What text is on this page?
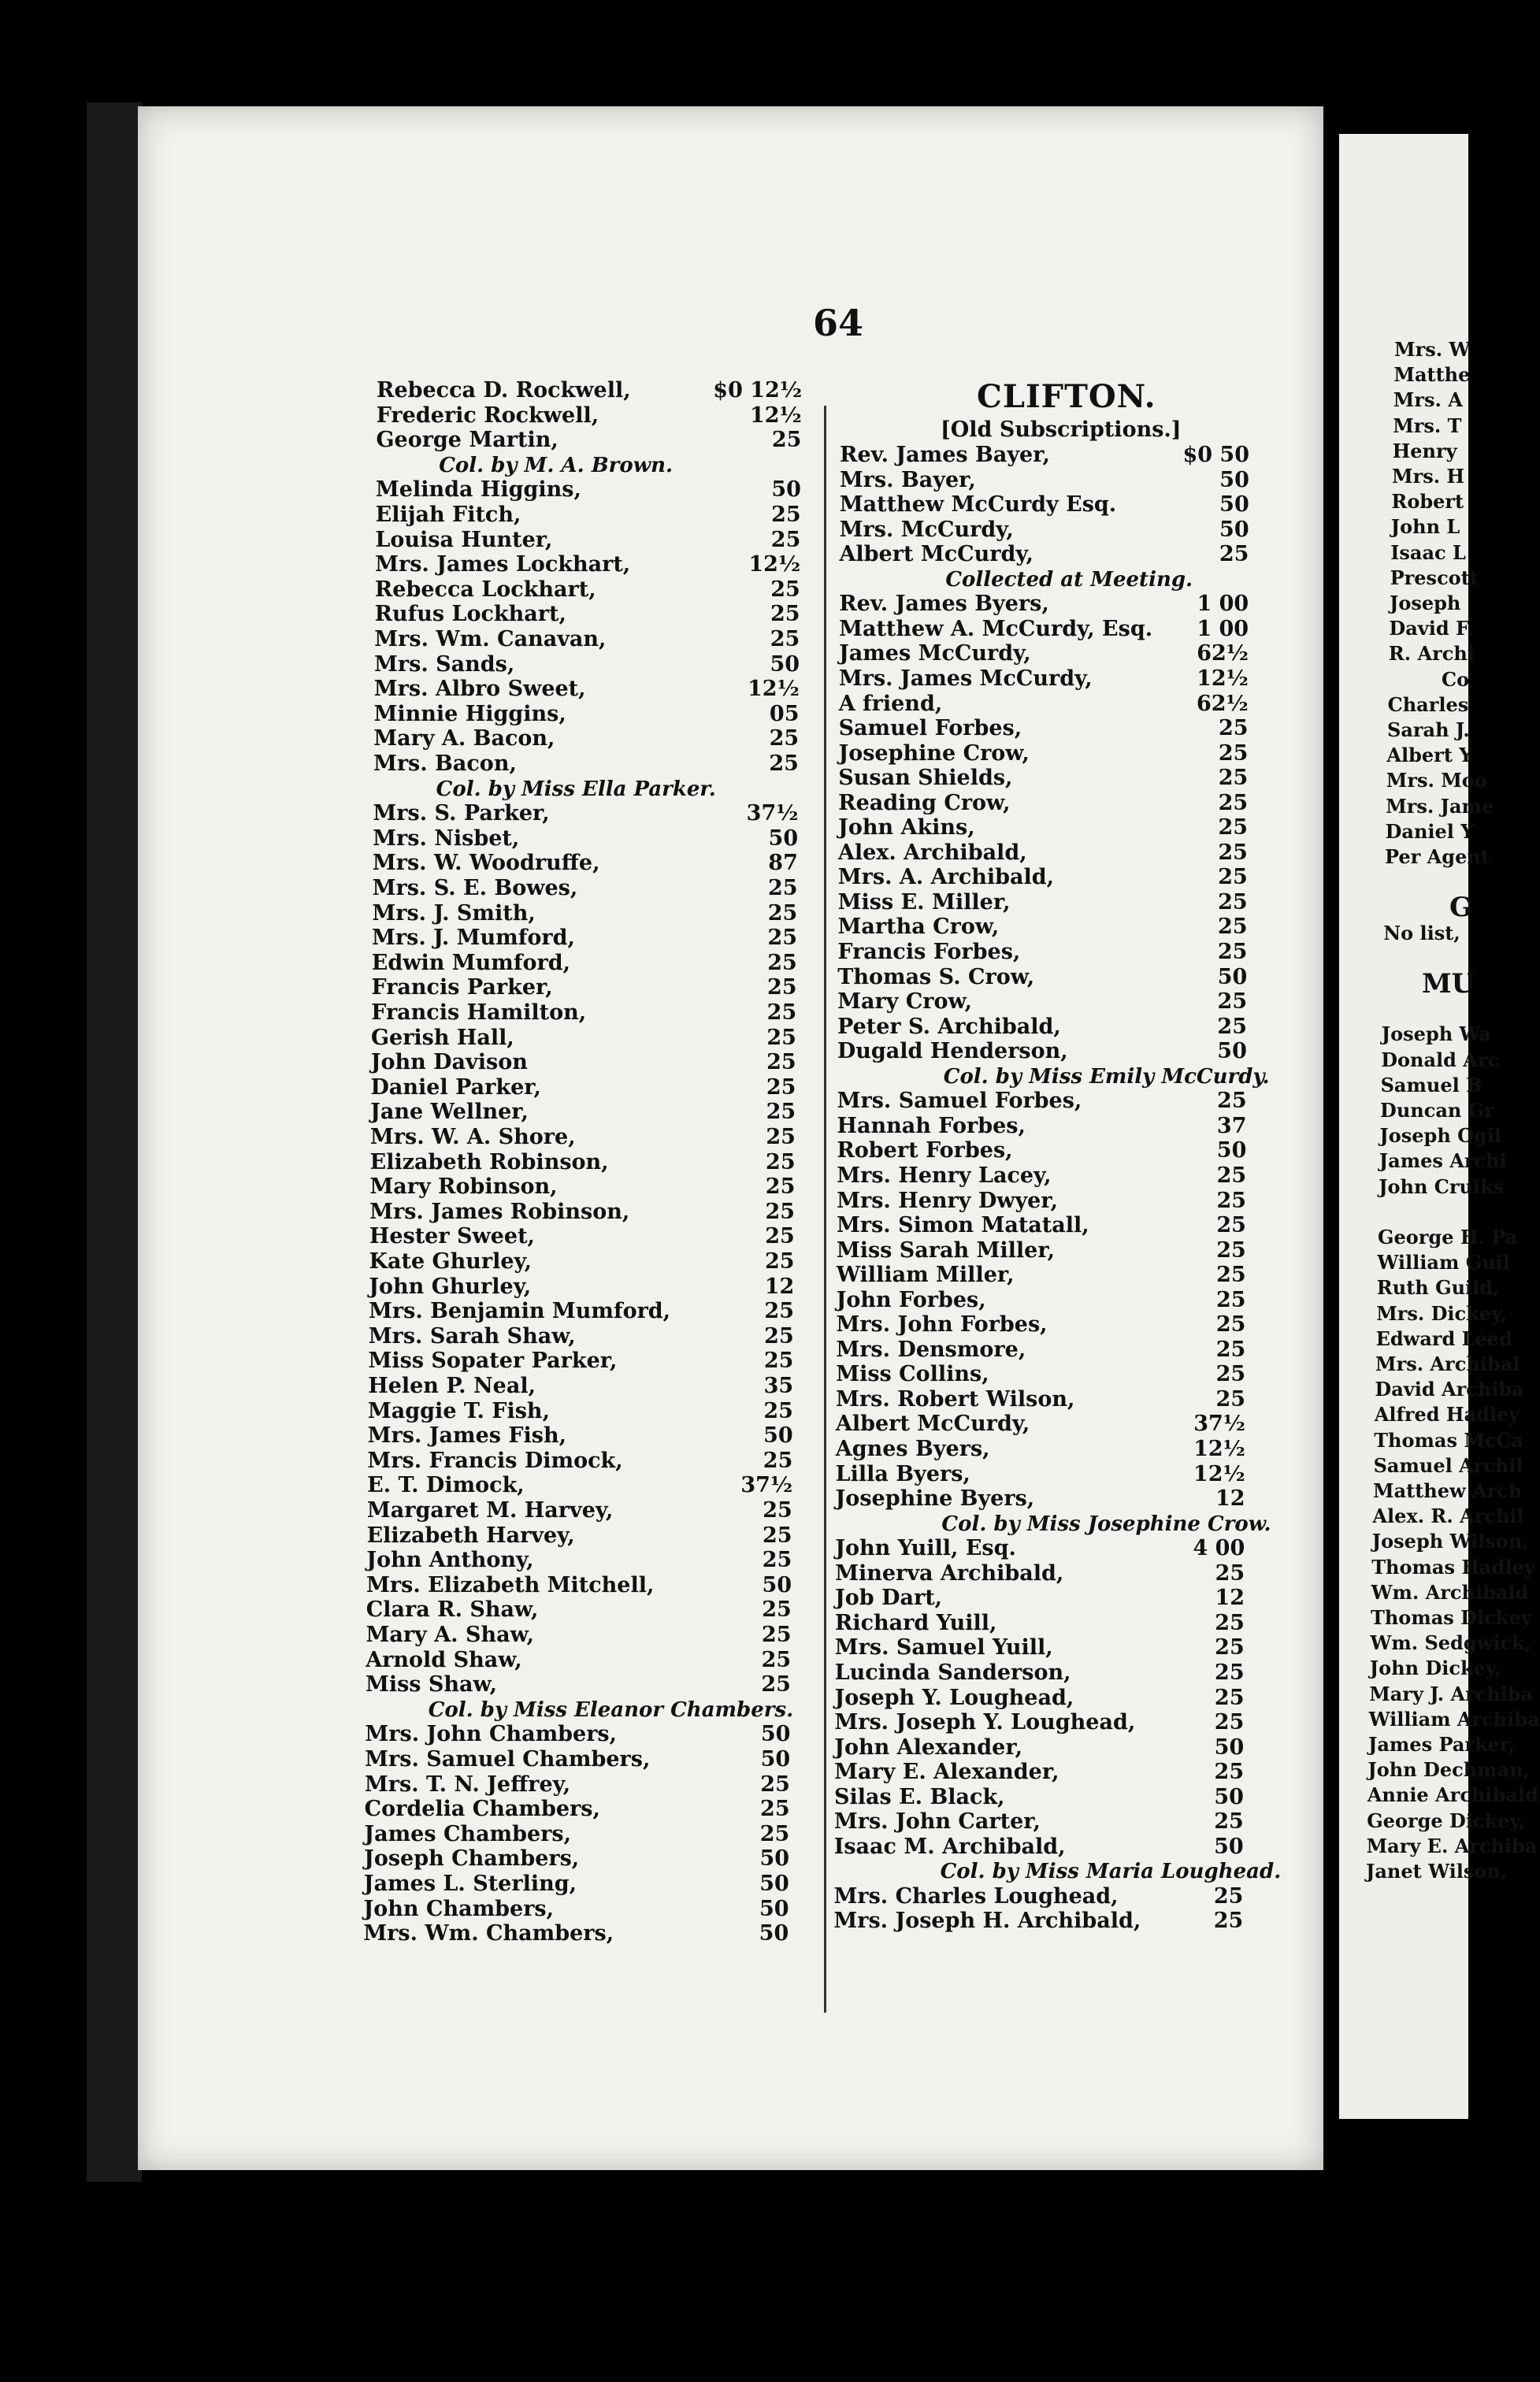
Mrs. W
Matthe
Mrs. A
Mrs. T
Henry
Mrs. H
Robert
John L
Isaac L
Prescott
Joseph
David F.
R. Archi
Co
Charles
Sarah J.
Albert Y
Mrs. Moo
Mrs. Jame
Daniel Y
Per Agent
G
No list,
MU
Joseph Wa
Donald Arc
Samuel B
Duncan Gr
Joseph Ogil
James Archi
John Cruiks
George H. Pa
William Guil
Ruth Guild,
Mrs. Dickey,
Edward Leed
Mrs. Archibal
David Archiba
Alfred Hadley
Thomas McCa
Samuel Archil
Matthew Arch
Alex. R. Archil
Joseph Wilson,
Thomas Hadley
Wm. Archibald
Thomas Dickey
Wm. Sedgwick,
John Dickey,
Mary J. Archiba
William Archiba
James Parker,
John Dechman,
Annie Archibald
George Dickey,
Mary E. Archiba
Janet Wilson,
64
Rebecca D. Rockwell,	$0 12½
Frederic Rockwell,	12½
George Martin,	25
Col. by M. A. Brown.
Melinda Higgins,	50
Elijah Fitch,	25
Louisa Hunter,	25
Mrs. James Lockhart,	12½
Rebecca Lockhart,	25
Rufus Lockhart,	25
Mrs. Wm. Canavan,	25
Mrs. Sands,	50
Mrs. Albro Sweet,	12½
Minnie Higgins,	05
Mary A. Bacon,	25
Mrs. Bacon,	25
Col. by Miss Ella Parker.
Mrs. S. Parker,	37½
Mrs. Nisbet,	50
Mrs. W. Woodruffe,	87
Mrs. S. E. Bowes,	25
Mrs. J. Smith,	25
Mrs. J. Mumford,	25
Edwin Mumford,	25
Francis Parker,	25
Francis Hamilton,	25
Gerish Hall,	25
John Davison	25
Daniel Parker,	25
Jane Wellner,	25
Mrs. W. A. Shore,	25
Elizabeth Robinson,	25
Mary Robinson,	25
Mrs. James Robinson,	25
Hester Sweet,	25
Kate Ghurley,	25
John Ghurley,	12
Mrs. Benjamin Mumford,	25
Mrs. Sarah Shaw,	25
Miss Sopater Parker,	25
Helen P. Neal,	35
Maggie T. Fish,	25
Mrs. James Fish,	50
Mrs. Francis Dimock,	25
E. T. Dimock,	37½
Margaret M. Harvey,	25
Elizabeth Harvey,	25
John Anthony,	25
Mrs. Elizabeth Mitchell,	50
Clara R. Shaw,	25
Mary A. Shaw,	25
Arnold Shaw,	25
Miss Shaw,	25
Col. by Miss Eleanor Chambers.
Mrs. John Chambers,	50
Mrs. Samuel Chambers,	50
Mrs. T. N. Jeffrey,	25
Cordelia Chambers,	25
James Chambers,	25
Joseph Chambers,	50
James L. Sterling,	50
John Chambers,	50
Mrs. Wm. Chambers,	50
Rev. James Bayer,	$0 50
Mrs. Bayer,	50
Matthew McCurdy Esq.	50
Mrs. McCurdy,	50
Albert McCurdy,	25
Collected at Meeting.
Rev. James Byers,	1 00
Matthew A. McCurdy, Esq. 1 00
James McCurdy,	62½
Mrs. James McCurdy,	12½
A friend,	62½
Samuel Forbes,	25
Josephine Crow,	25
Susan Shields,	25
Reading Crow,	25
John Akins,	25
Alex. Archibald,	25
Mrs. A. Archibald,	25
Miss E. Miller,	25
Martha Crow,	25
Francis Forbes,	25
Thomas S. Crow,	50
Mary Crow,	25
Peter S. Archibald,	25
Dugald Henderson,	50
Col. by Miss Emily McCurdy.
Mrs. Samuel Forbes,	25
Hannah Forbes,	37
Robert Forbes,	50
Mrs. Henry Lacey,	25
Mrs. Henry Dwyer,	25
Mrs. Simon Matatall,	25
Miss Sarah Miller,	25
William Miller,	25
John Forbes,	25
Mrs. John Forbes,	25
Mrs. Densmore,	25
Miss Collins,	25
Mrs. Robert Wilson,	25
Albert McCurdy,	37½
Agnes Byers,	12½
Lilla Byers,	12½
Josephine Byers,	12
Col. by Miss Josephine Crow.
John Yuill, Esq.	4 00
Minerva Archibald,	25
Job Dart,	12
Richard Yuill,	25
Mrs. Samuel Yuill,	25
Lucinda Sanderson,	25
Joseph Y. Loughead,	25
Mrs. Joseph Y. Loughead,	25
John Alexander,	50
Mary E. Alexander,	25
Silas E. Black,	50
Mrs. John Carter,	25
Isaac M. Archibald,	50
Col. by Miss Maria Loughead.
Mrs. Charles Loughead,	25
Mrs. Joseph H. Archibald,	25
CLIFTON.
[Old Subscriptions.]
